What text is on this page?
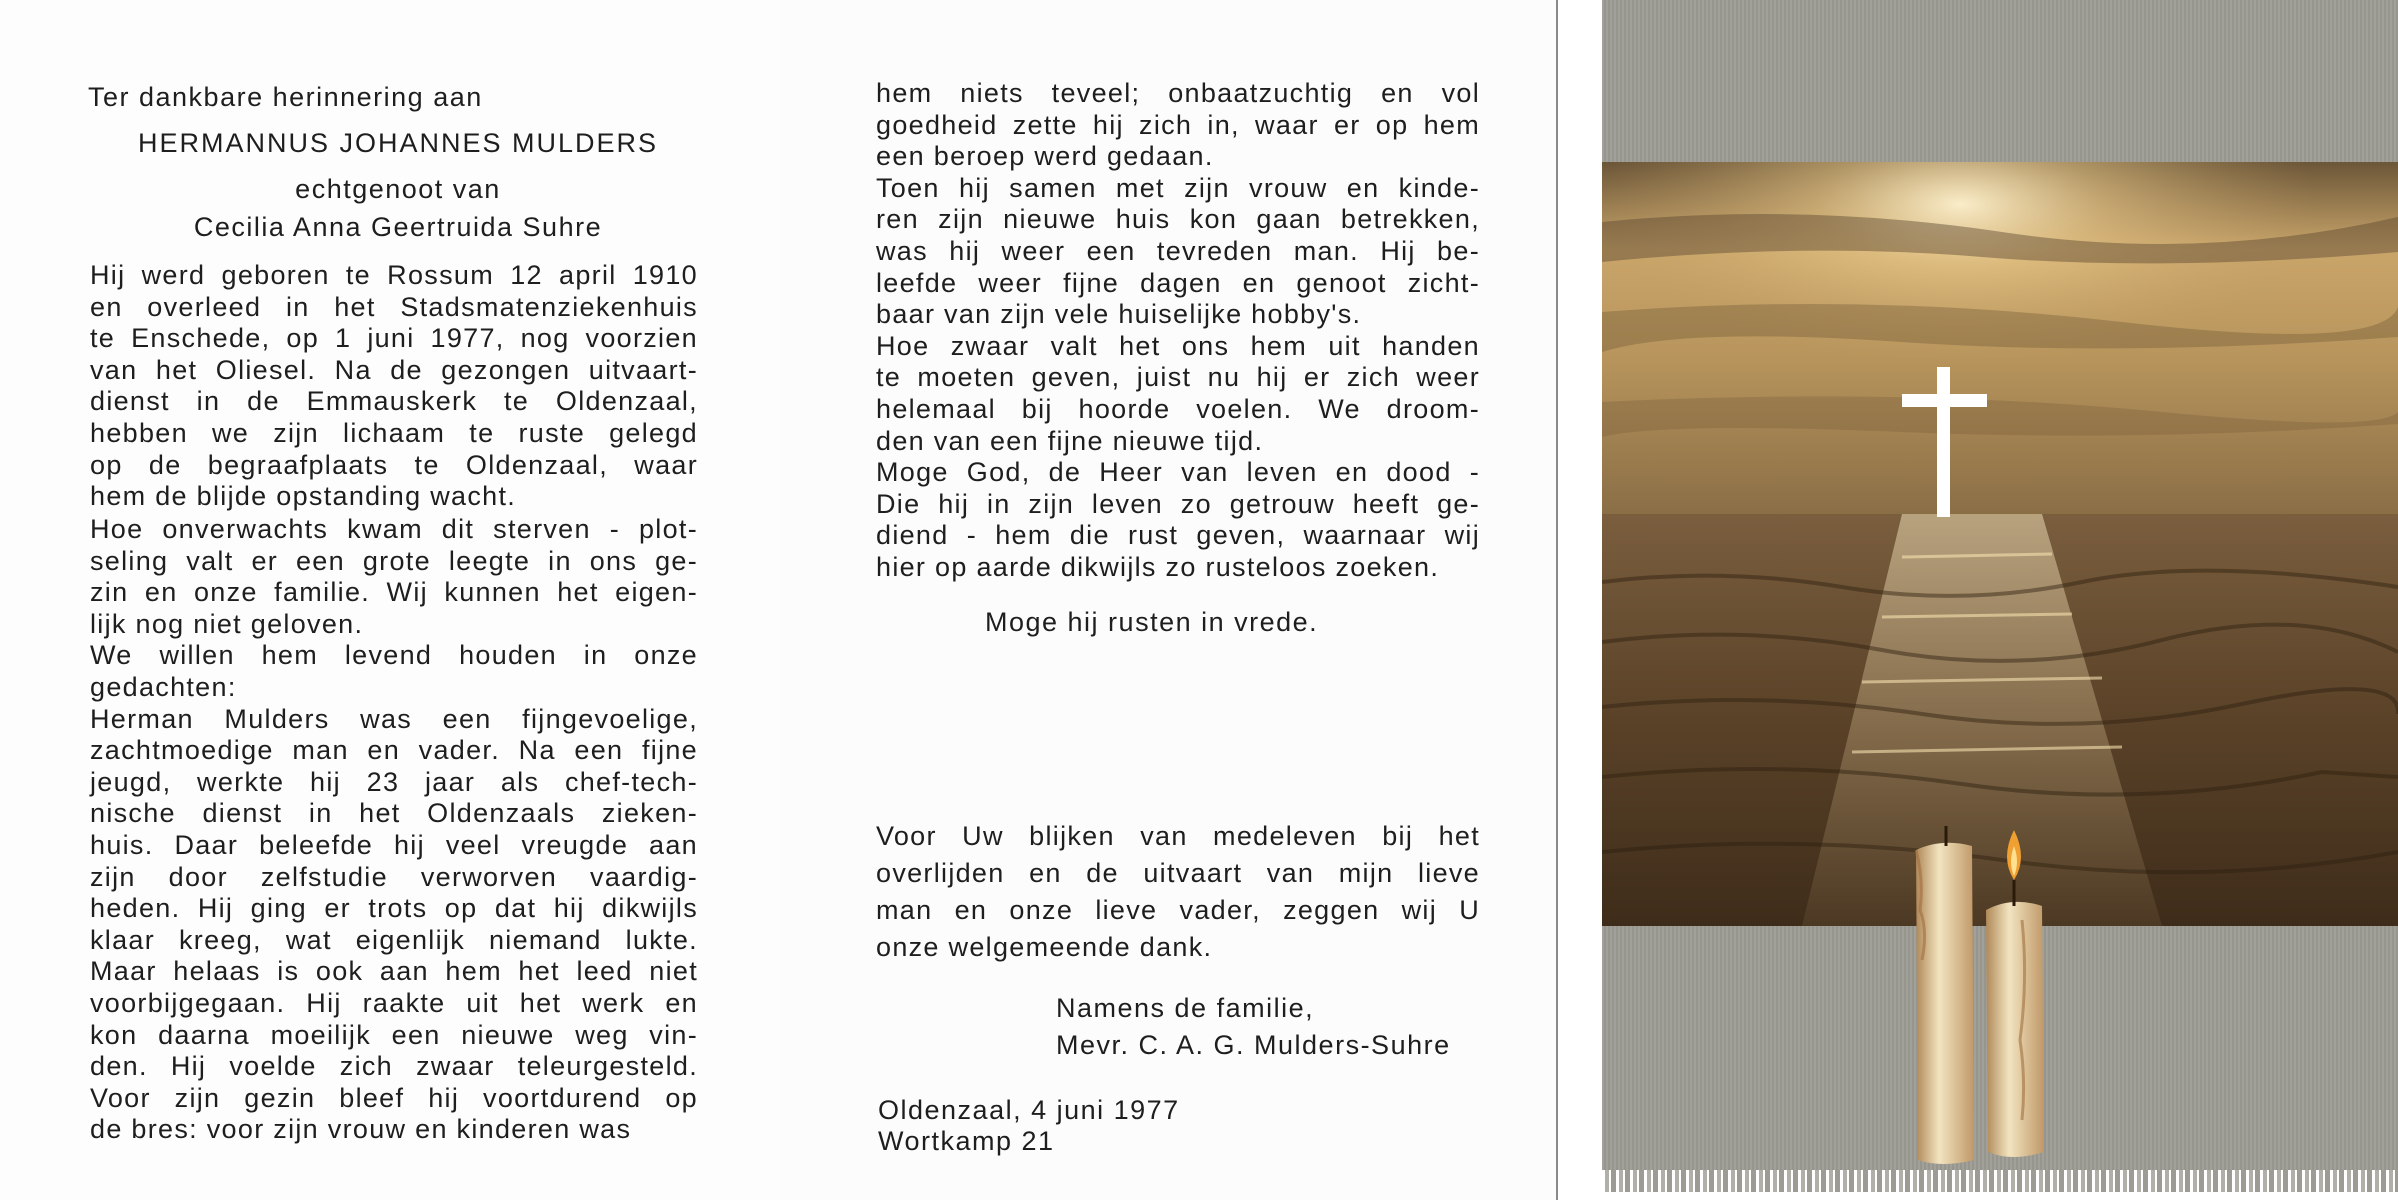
Ter dankbare herinnering aan
HERMANNUS JOHANNES MULDERS
echtgenoot van
Cecilia Anna Geertruida Suhre
Hij werd geboren te Rossum 12 april 1910
en overleed in het Stadsmatenziekenhuis
te Enschede, op 1 juni 1977, nog voorzien
van het Oliesel. Na de gezongen uitvaart-
dienst in de Emmauskerk te Oldenzaal,
hebben we zijn lichaam te ruste gelegd
op de begraafplaats te Oldenzaal, waar
hem de blijde opstanding wacht.
Hoe onverwachts kwam dit sterven - plot-
seling valt er een grote leegte in ons ge-
zin en onze familie. Wij kunnen het eigen-
lijk nog niet geloven.
We willen hem levend houden in onze
gedachten:
Herman Mulders was een fijngevoelige,
zachtmoedige man en vader. Na een fijne
jeugd, werkte hij 23 jaar als chef-tech-
nische dienst in het Oldenzaals zieken-
huis. Daar beleefde hij veel vreugde aan
zijn door zelfstudie verworven vaardig-
heden. Hij ging er trots op dat hij dikwijls
klaar kreeg, wat eigenlijk niemand lukte.
Maar helaas is ook aan hem het leed niet
voorbijgegaan. Hij raakte uit het werk en
kon daarna moeilijk een nieuwe weg vin-
den. Hij voelde zich zwaar teleurgesteld.
Voor zijn gezin bleef hij voortdurend op
de bres: voor zijn vrouw en kinderen was
hem niets teveel; onbaatzuchtig en vol
goedheid zette hij zich in, waar er op hem
een beroep werd gedaan.
Toen hij samen met zijn vrouw en kinde-
ren zijn nieuwe huis kon gaan betrekken,
was hij weer een tevreden man. Hij be-
leefde weer fijne dagen en genoot zicht-
baar van zijn vele huiselijke hobby's.
Hoe zwaar valt het ons hem uit handen
te moeten geven, juist nu hij er zich weer
helemaal bij hoorde voelen. We droom-
den van een fijne nieuwe tijd.
Moge God, de Heer van leven en dood -
Die hij in zijn leven zo getrouw heeft ge-
diend - hem die rust geven, waarnaar wij
hier op aarde dikwijls zo rusteloos zoeken.
Moge hij rusten in vrede.
Voor Uw blijken van medeleven bij het
overlijden en de uitvaart van mijn lieve
man en onze lieve vader, zeggen wij U
onze welgemeende dank.
Namens de familie,
Mevr. C. A. G. Mulders-Suhre
Oldenzaal, 4 juni 1977
Wortkamp 21
